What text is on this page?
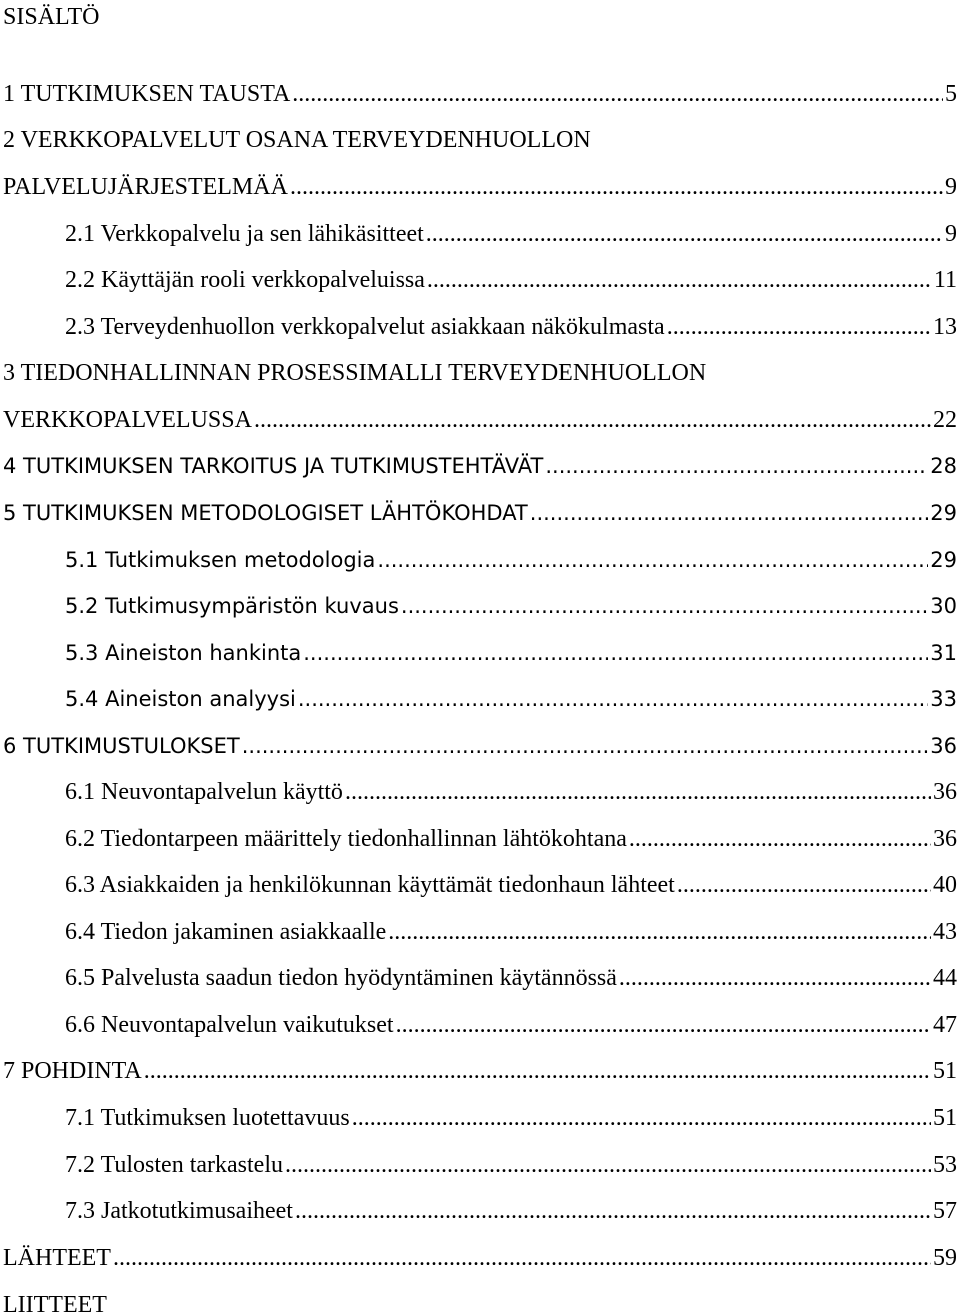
SISÄLTÖ
1 TUTKIMUKSEN TAUSTA .....	5
2 VERKKOPALVELUT OSANA TERVEYDENHUOLLON
PALVELUJÄRJESTELMÄÄ .....	9
2.1 Verkkopalvelu ja sen lähikäsitteet .....	9
2.2 Käyttäjän rooli verkkopalveluissa .....	11
2.3 Terveydenhuollon verkkopalvelut asiakkaan näkökulmasta .....	13
3 TIEDONHALLINNAN PROSESSIMALLI TERVEYDENHUOLLON
VERKKOPALVELUSSA .....	22
4 TUTKIMUKSEN TARKOITUS JA TUTKIMUSTEHTÄVÄT .....	28
5 TUTKIMUKSEN METODOLOGISET LÄHTÖKOHDAT .....	29
5.1 Tutkimuksen metodologia .....	29
5.2 Tutkimusympäristön kuvaus .....	30
5.3 Aineiston hankinta .....	31
5.4 Aineiston analyysi .....	33
6 TUTKIMUSTULOKSET .....	36
6.1 Neuvontapalvelun käyttö .....	36
6.2 Tiedontarpeen määrittely tiedonhallinnan lähtökohtana .....	36
6.3 Asiakkaiden ja henkilökunnan käyttämät tiedonhaun lähteet .....	40
6.4 Tiedon jakaminen asiakkaalle .....	43
6.5 Palvelusta saadun tiedon hyödyntäminen käytännössä .....	44
6.6 Neuvontapalvelun vaikutukset .....	47
7 POHDINTA .....	51
7.1 Tutkimuksen luotettavuus .....	51
7.2 Tulosten tarkastelu .....	53
7.3 Jatkotutkimusaiheet .....	57
LÄHTEET .....	59
LIITTEET
